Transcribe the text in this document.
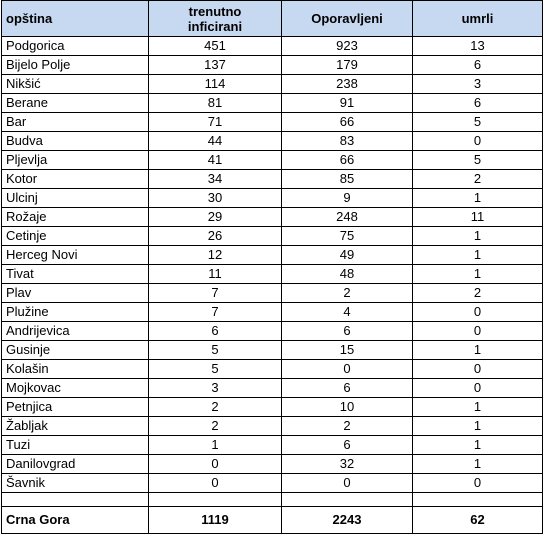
opština	trenutno inficirani	Oporavljeni	umrli
Podgorica	451	923	13
Bijelo Polje	137	179	6
Nikšić	114	238	3
Berane	81	91	6
Bar	71	66	5
Budva	44	83	0
Pljevlja	41	66	5
Kotor	34	85	2
Ulcinj	30	9	1
Rožaje	29	248	11
Cetinje	26	75	1
Herceg Novi	12	49	1
Tivat	11	48	1
Plav	7	2	2
Plužine	7	4	0
Andrijevica	6	6	0
Gusinje	5	15	1
Kolašin	5	0	0
Mojkovac	3	6	0
Petnjica	2	10	1
Žabljak	2	2	1
Tuzi	1	6	1
Danilovgrad	0	32	1
Šavnik	0	0	0

Crna Gora	1119	2243	62
